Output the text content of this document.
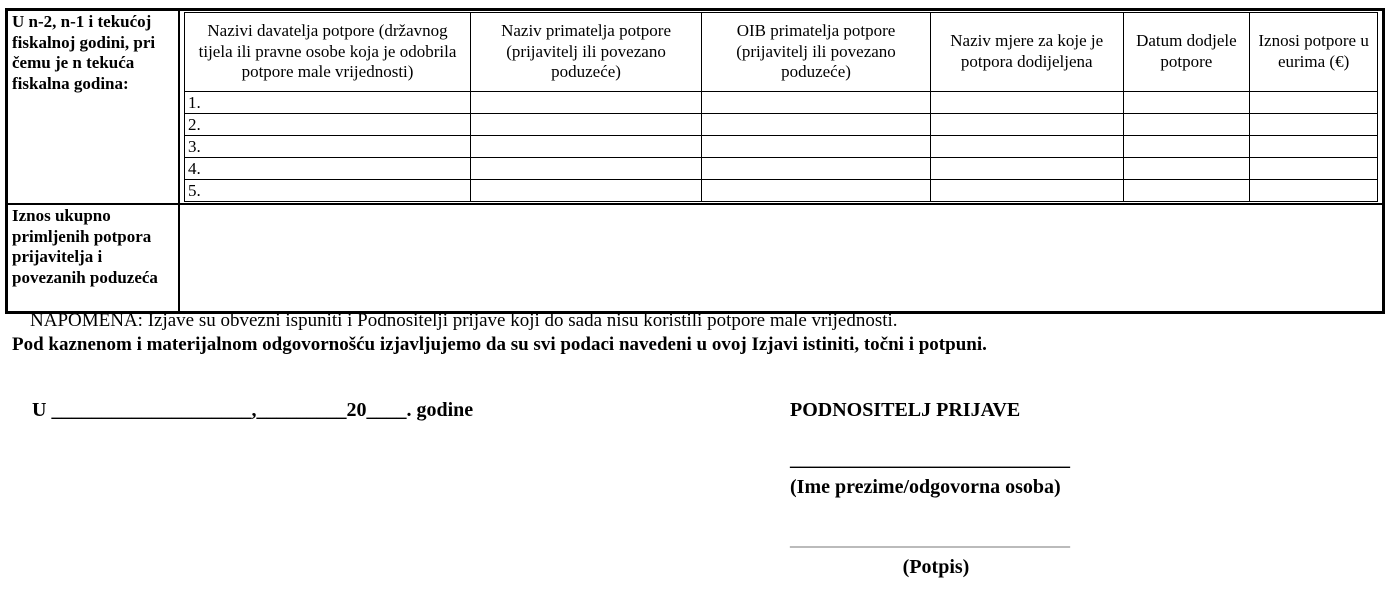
U n-2, n-1 i tekućoj fiskalnoj godini, pri čemu je n tekuća fiskalna godina:	
Nazivi davatelja potpore (državnog tijela ili pravne osobe koja je odobrila potpore male vrijednosti)	Naziv primatelja potpore (prijavitelj ili povezano poduzeće)	OIB primatelja potpore (prijavitelj ili povezano poduzeće)	Naziv mjere za koje je potpora dodijeljena	Datum dodjele potpore	Iznosi potpore u eurima (€)
1.					
2.					
3.					
4.					
5.					

Iznos ukupno primljenih potpora prijavitelja i povezanih poduzeća	
NAPOMENA: Izjave su obvezni ispuniti i Podnositelji prijave koji do sada nisu koristili potpore male vrijednosti.
Pod kaznenom i materijalnom odgovornošću izjavljujemo da su svi podaci navedeni u ovoj Izjavi istiniti, točni i potpuni.
U ____________________,_________20____. godine	PODNOSITELJ PRIJAVE
____________________________
(Ime prezime/odgovorna osoba)
____________________________
(Potpis)
